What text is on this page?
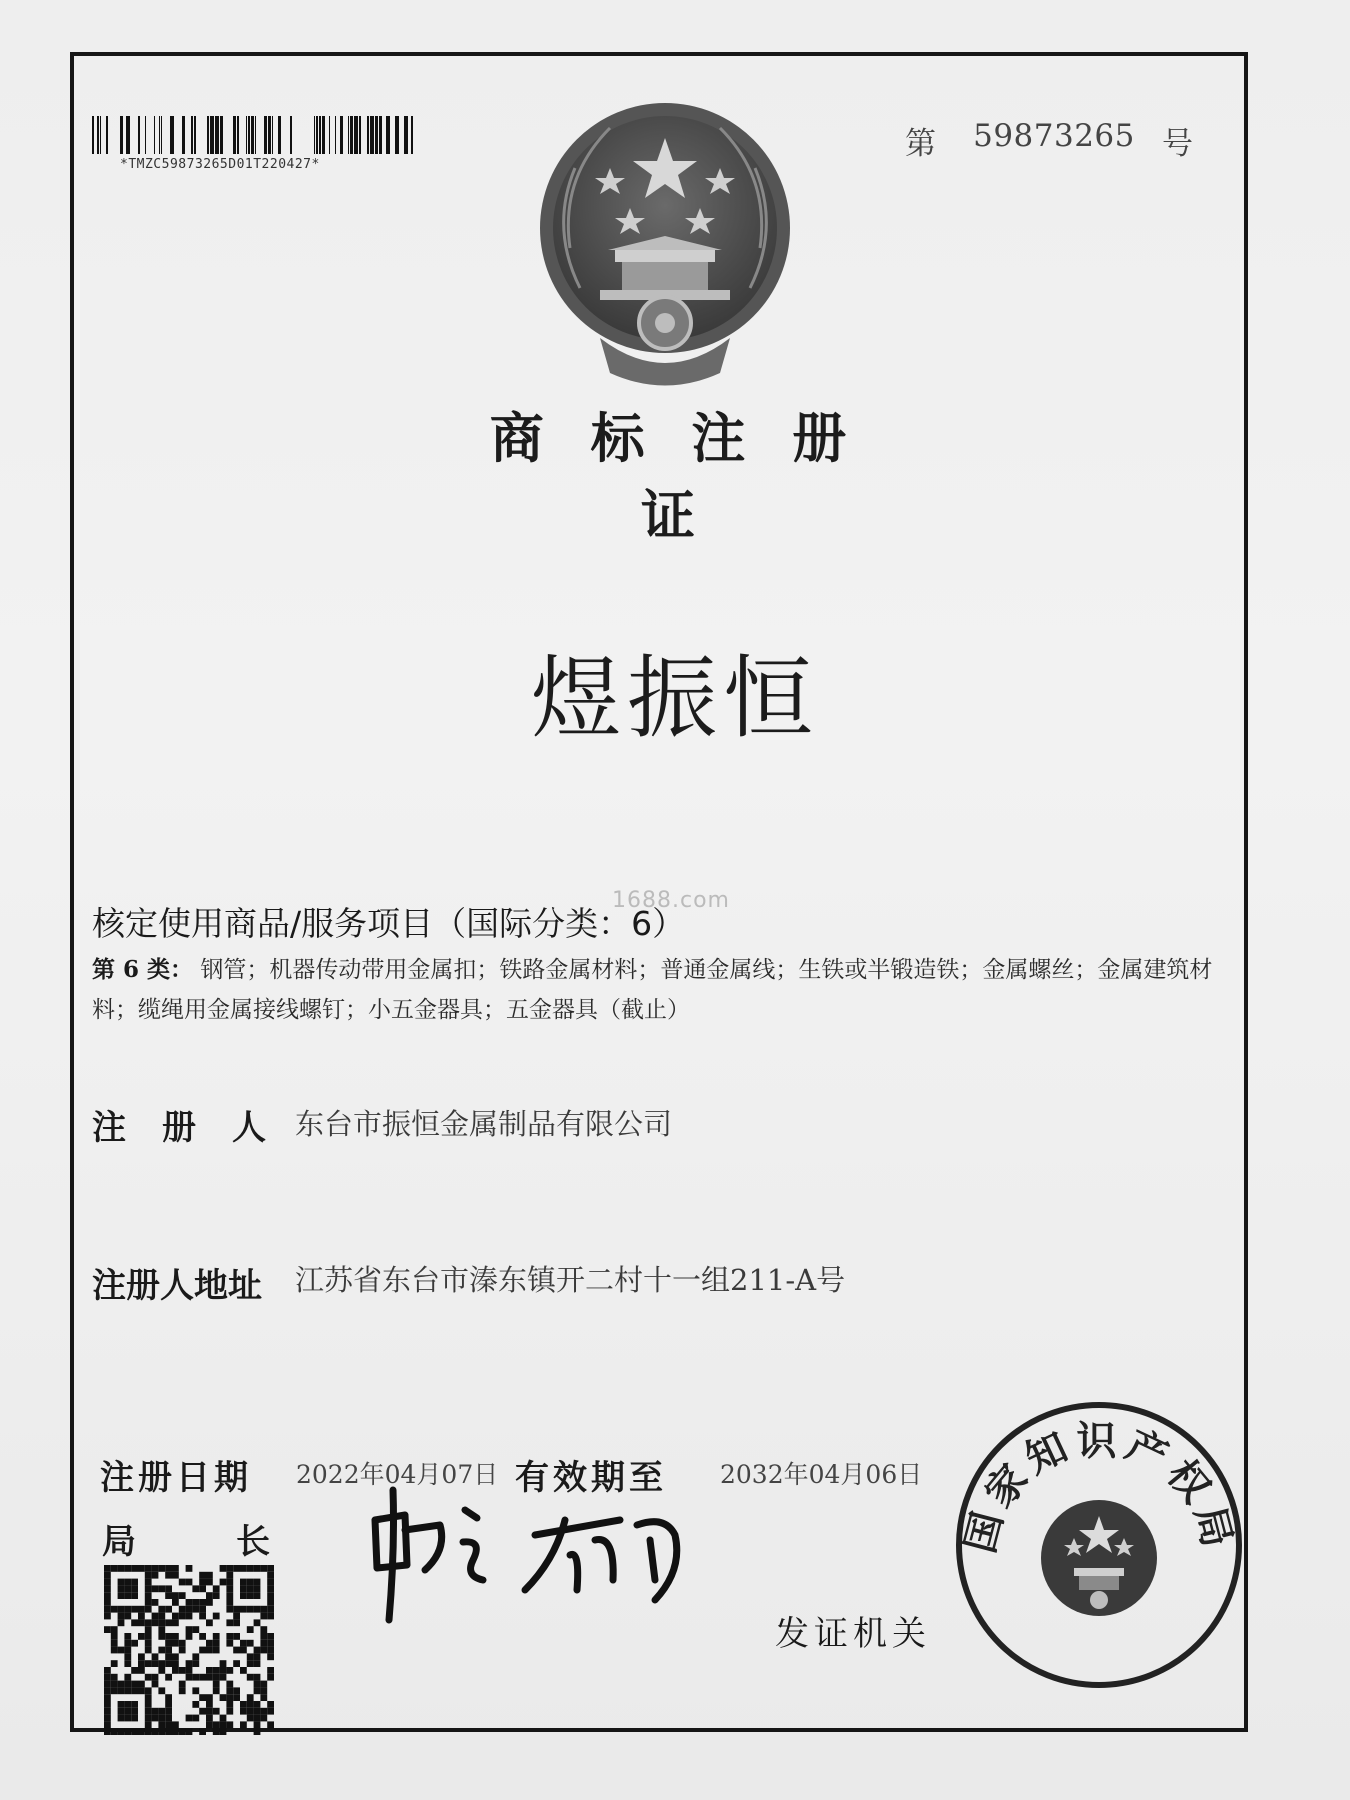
*TMZC59873265D01T220427*
第	59873265 号
商 标 注 册 证
煜振恒
1688.com
核定使用商品/服务项目（国际分类：6）
第 6 类： 钢管；机器传动带用金属扣；铁路金属材料；普通金属线；生铁或半锻造铁；金属螺丝；金属建筑材料；缆绳用金属接线螺钉；小五金器具；五金器具（截止）
注册人
东台市振恒金属制品有限公司
注册人地址 江苏省东台市溱东镇开二村十一组211-A号
注册日期 2022年04月07日 有效期至 2032年04月06日
局	长
发证机关
国家知识产权局
